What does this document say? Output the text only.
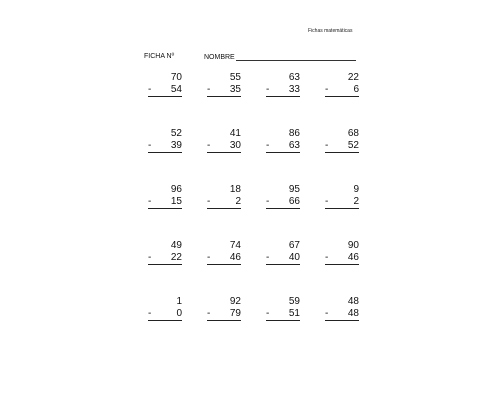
Fichas matemáticas
FICHA Nº	NOMBRE
70
- 54
55
- 35
63
- 33
22
-	6
52
- 39
41
- 30
86
- 63
68
- 52
96
- 15
18
-	2
95
- 66
9
-	2
49
- 22
74
- 46
67
- 40
90
- 46
1
-	0
92
- 79
59
- 51
48
- 48
